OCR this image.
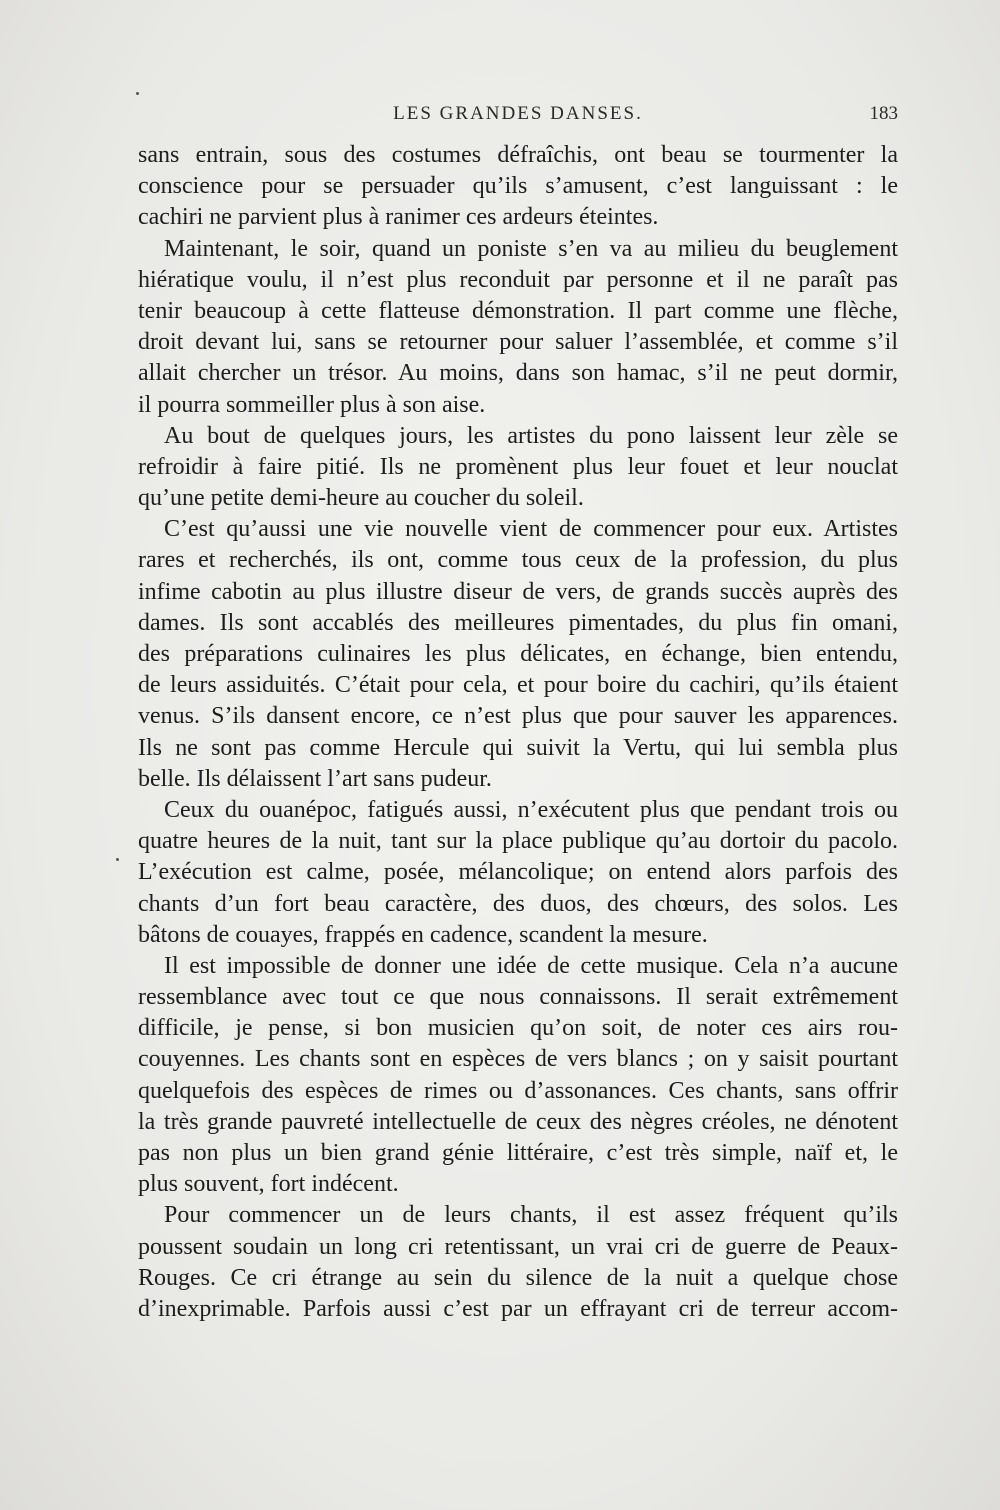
LES GRANDES DANSES.	183
sans entrain, sous des costumes défraîchis, ont beau se tourmenter la
conscience pour se persuader qu’ils s’amusent, c’est languissant : le
cachiri ne parvient plus à ranimer ces ardeurs éteintes.
Maintenant, le soir, quand un poniste s’en va au milieu du beuglement
hiératique voulu, il n’est plus reconduit par personne et il ne paraît pas
tenir beaucoup à cette flatteuse démonstration. Il part comme une flèche,
droit devant lui, sans se retourner pour saluer l’assemblée, et comme s’il
allait chercher un trésor. Au moins, dans son hamac, s’il ne peut dormir,
il pourra sommeiller plus à son aise.
Au bout de quelques jours, les artistes du pono laissent leur zèle se
refroidir à faire pitié. Ils ne promènent plus leur fouet et leur nouclat
qu’une petite demi-heure au coucher du soleil.
C’est qu’aussi une vie nouvelle vient de commencer pour eux. Artistes
rares et recherchés, ils ont, comme tous ceux de la profession, du plus
infime cabotin au plus illustre diseur de vers, de grands succès auprès des
dames. Ils sont accablés des meilleures pimentades, du plus fin omani,
des préparations culinaires les plus délicates, en échange, bien entendu,
de leurs assiduités. C’était pour cela, et pour boire du cachiri, qu’ils étaient
venus. S’ils dansent encore, ce n’est plus que pour sauver les apparences.
Ils ne sont pas comme Hercule qui suivit la Vertu, qui lui sembla plus
belle. Ils délaissent l’art sans pudeur.
Ceux du ouanépoc, fatigués aussi, n’exécutent plus que pendant trois ou
quatre heures de la nuit, tant sur la place publique qu’au dortoir du pacolo.
L’exécution est calme, posée, mélancolique; on entend alors parfois des
chants d’un fort beau caractère, des duos, des chœurs, des solos. Les
bâtons de couayes, frappés en cadence, scandent la mesure.
Il est impossible de donner une idée de cette musique. Cela n’a aucune
ressemblance avec tout ce que nous connaissons. Il serait extrêmement
difficile, je pense, si bon musicien qu’on soit, de noter ces airs rou-
couyennes. Les chants sont en espèces de vers blancs ; on y saisit pourtant
quelquefois des espèces de rimes ou d’assonances. Ces chants, sans offrir
la très grande pauvreté intellectuelle de ceux des nègres créoles, ne dénotent
pas non plus un bien grand génie littéraire, c’est très simple, naïf et, le
plus souvent, fort indécent.
Pour commencer un de leurs chants, il est assez fréquent qu’ils
poussent soudain un long cri retentissant, un vrai cri de guerre de Peaux-
Rouges. Ce cri étrange au sein du silence de la nuit a quelque chose
d’inexprimable. Parfois aussi c’est par un effrayant cri de terreur accom-
